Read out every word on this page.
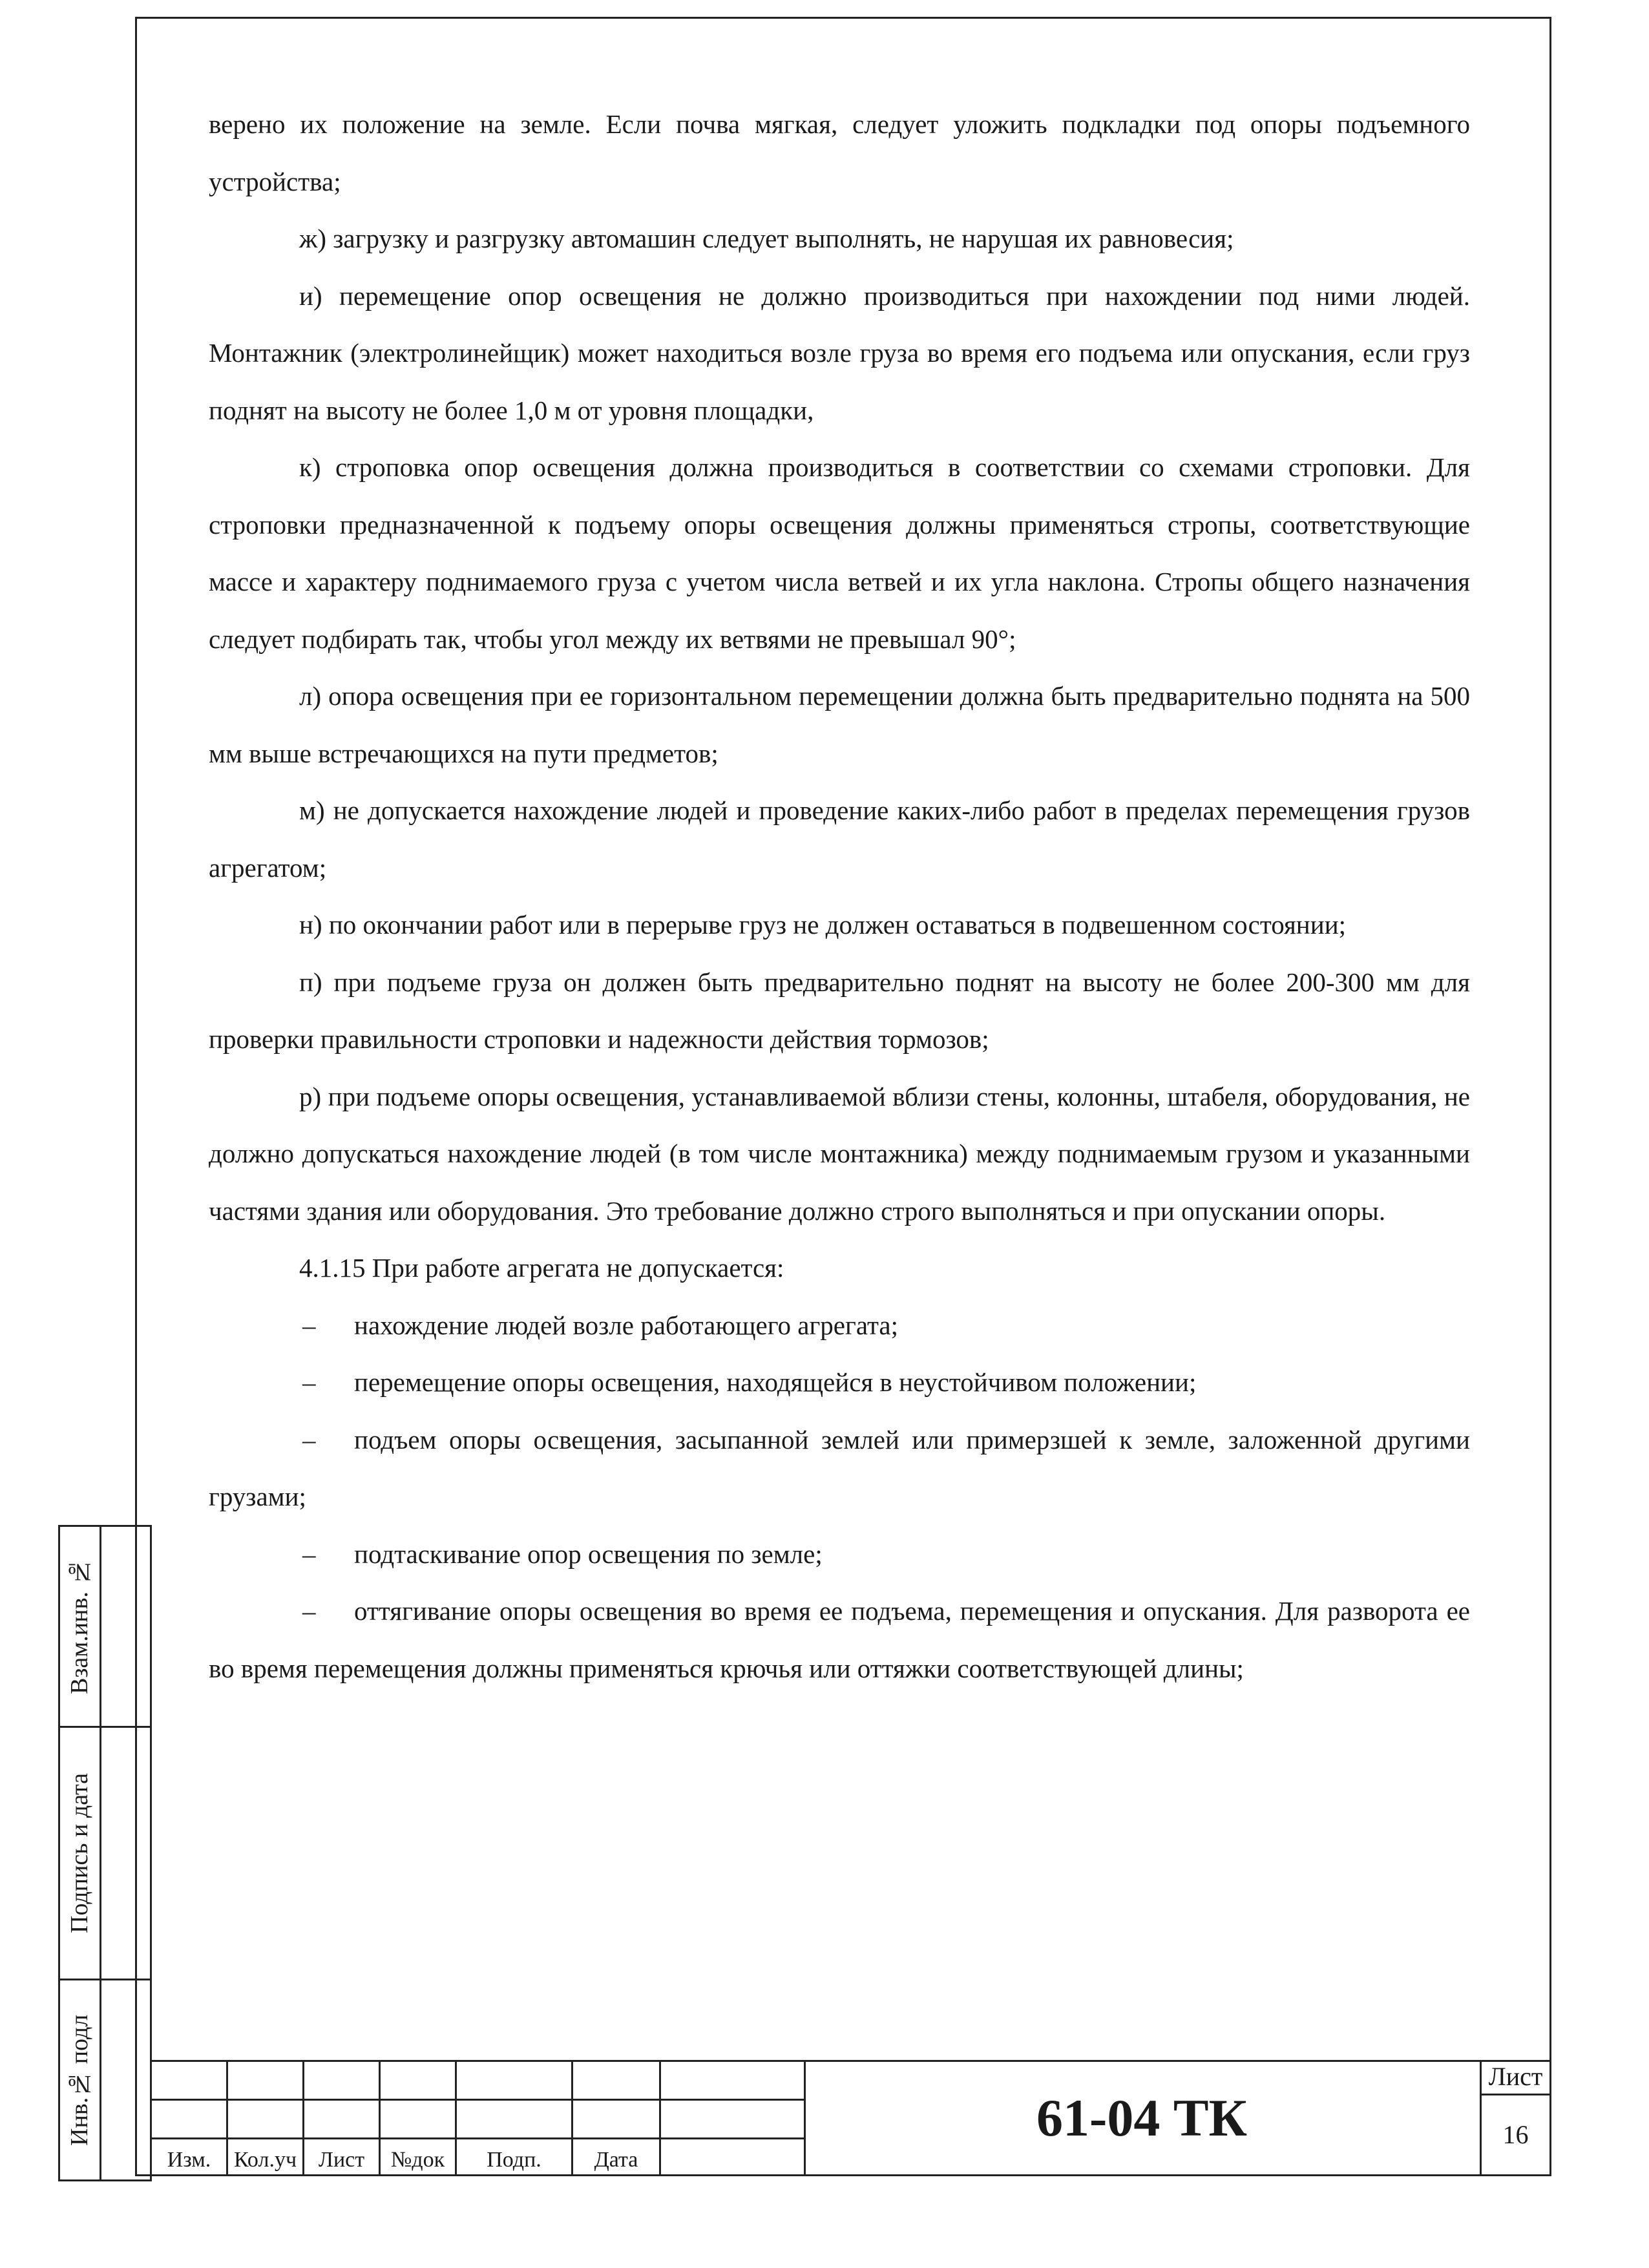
верено их положение на земле. Если почва мягкая, следует уложить подкладки под опоры подъемного устройства;

ж) загрузку и разгрузку автомашин следует выполнять, не нарушая их равновесия;

и) перемещение опор освещения не должно производиться при нахождении под ними людей. Монтажник (электролинейщик) может находиться возле груза во время его подъема или опускания, если груз поднят на высоту не более 1,0 м от уровня площадки,

к) строповка опор освещения должна производиться в соответствии со схемами строповки. Для строповки предназначенной к подъему опоры освещения должны применяться стропы, соответствующие массе и характеру поднимаемого груза с учетом числа ветвей и их угла наклона. Стропы общего назначения следует подбирать так, чтобы угол между их ветвями не превышал 90°;

л) опора освещения при ее горизонтальном перемещении должна быть предварительно поднята на 500 мм выше встречающихся на пути предметов;

м) не допускается нахождение людей и проведение каких-либо работ в пределах перемещения грузов агрегатом;

н) по окончании работ или в перерыве груз не должен оставаться в подвешенном состоянии;

п) при подъеме груза он должен быть предварительно поднят на высоту не более 200-300 мм для проверки правильности строповки и надежности действия тормозов;

р) при подъеме опоры освещения, устанавливаемой вблизи стены, колонны, штабеля, оборудования, не должно допускаться нахождение людей (в том числе монтажника) между поднимаемым грузом и указанными частями здания или оборудования. Это требование должно строго выполняться и при опускании опоры.

4.1.15 При работе агрегата не допускается:

– нахождение людей возле работающего агрегата;

– перемещение опоры освещения, находящейся в неустойчивом положении;

– подъем опоры освещения, засыпанной землей или примерзшей к земле, заложенной другими грузами;

– подтаскивание опор освещения по земле;

– оттягивание опоры освещения во время ее подъема, перемещения и опускания. Для разворота ее во время перемещения должны применяться крючья или оттяжки соответствующей длины;

Взам.инв. №
Подпись и дата
Инв.№ подл
Изм.	Кол.уч Лист	№док	Подп.	Дата
61-04 ТК
Лист
16
